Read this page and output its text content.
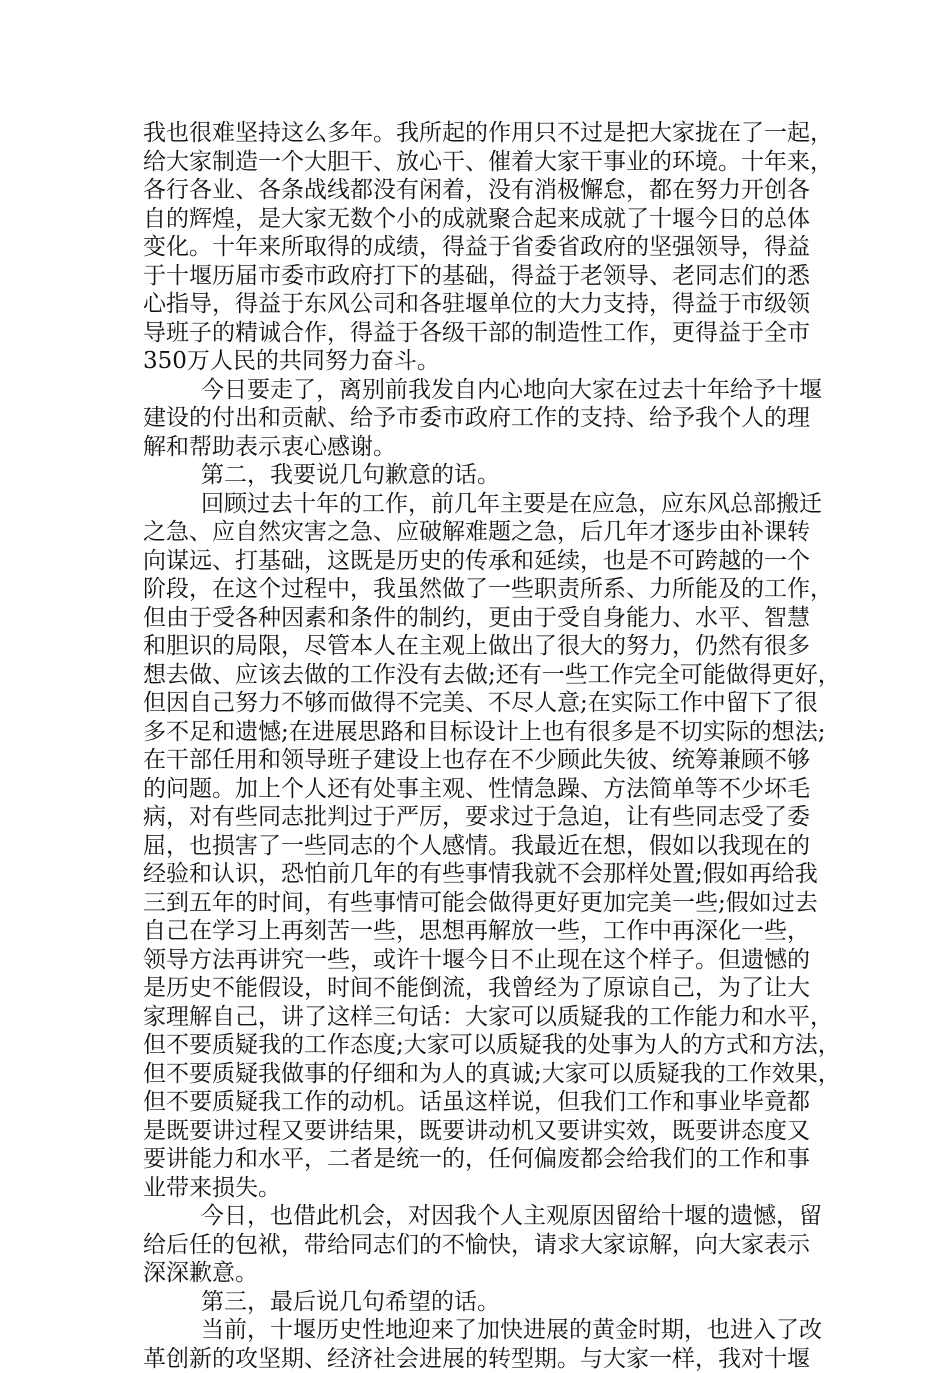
我也很难坚持这么多年。我所起的作用只不过是把大家拢在了一起，
给大家制造一个大胆干、放心干、催着大家干事业的环境。十年来，
各行各业、各条战线都没有闲着，没有消极懈怠，都在努力开创各
自的辉煌，是大家无数个小的成就聚合起来成就了十堰今日的总体
变化。十年来所取得的成绩，得益于省委省政府的坚强领导，得益
于十堰历届市委市政府打下的基础，得益于老领导、老同志们的悉
心指导，得益于东风公司和各驻堰单位的大力支持，得益于市级领
导班子的精诚合作，得益于各级干部的制造性工作，更得益于全市
350万人民的共同努力奋斗。
今日要走了，离别前我发自内心地向大家在过去十年给予十堰
建设的付出和贡献、给予市委市政府工作的支持、给予我个人的理
解和帮助表示衷心感谢。
第二，我要说几句歉意的话。
回顾过去十年的工作，前几年主要是在应急，应东风总部搬迁
之急、应自然灾害之急、应破解难题之急，后几年才逐步由补课转
向谋远、打基础，这既是历史的传承和延续，也是不可跨越的一个
阶段，在这个过程中，我虽然做了一些职责所系、力所能及的工作，
但由于受各种因素和条件的制约，更由于受自身能力、水平、智慧
和胆识的局限，尽管本人在主观上做出了很大的努力，仍然有很多
想去做、应该去做的工作没有去做;还有一些工作完全可能做得更好，
但因自己努力不够而做得不完美、不尽人意;在实际工作中留下了很
多不足和遗憾;在进展思路和目标设计上也有很多是不切实际的想法;
在干部任用和领导班子建设上也存在不少顾此失彼、统筹兼顾不够
的问题。加上个人还有处事主观、性情急躁、方法简单等不少坏毛
病，对有些同志批判过于严厉，要求过于急迫，让有些同志受了委
屈，也损害了一些同志的个人感情。我最近在想，假如以我现在的
经验和认识，恐怕前几年的有些事情我就不会那样处置;假如再给我
三到五年的时间，有些事情可能会做得更好更加完美一些;假如过去
自己在学习上再刻苦一些，思想再解放一些，工作中再深化一些，
领导方法再讲究一些，或许十堰今日不止现在这个样子。但遗憾的
是历史不能假设，时间不能倒流，我曾经为了原谅自己，为了让大
家理解自己，讲了这样三句话：大家可以质疑我的工作能力和水平，
但不要质疑我的工作态度;大家可以质疑我的处事为人的方式和方法，
但不要质疑我做事的仔细和为人的真诚;大家可以质疑我的工作效果，
但不要质疑我工作的动机。话虽这样说，但我们工作和事业毕竟都
是既要讲过程又要讲结果，既要讲动机又要讲实效，既要讲态度又
要讲能力和水平，二者是统一的，任何偏废都会给我们的工作和事
业带来损失。
今日，也借此机会，对因我个人主观原因留给十堰的遗憾，留
给后任的包袱，带给同志们的不愉快，请求大家谅解，向大家表示
深深歉意。
第三，最后说几句希望的话。
当前，十堰历史性地迎来了加快进展的黄金时期，也进入了改
革创新的攻坚期、经济社会进展的转型期。与大家一样，我对十堰
